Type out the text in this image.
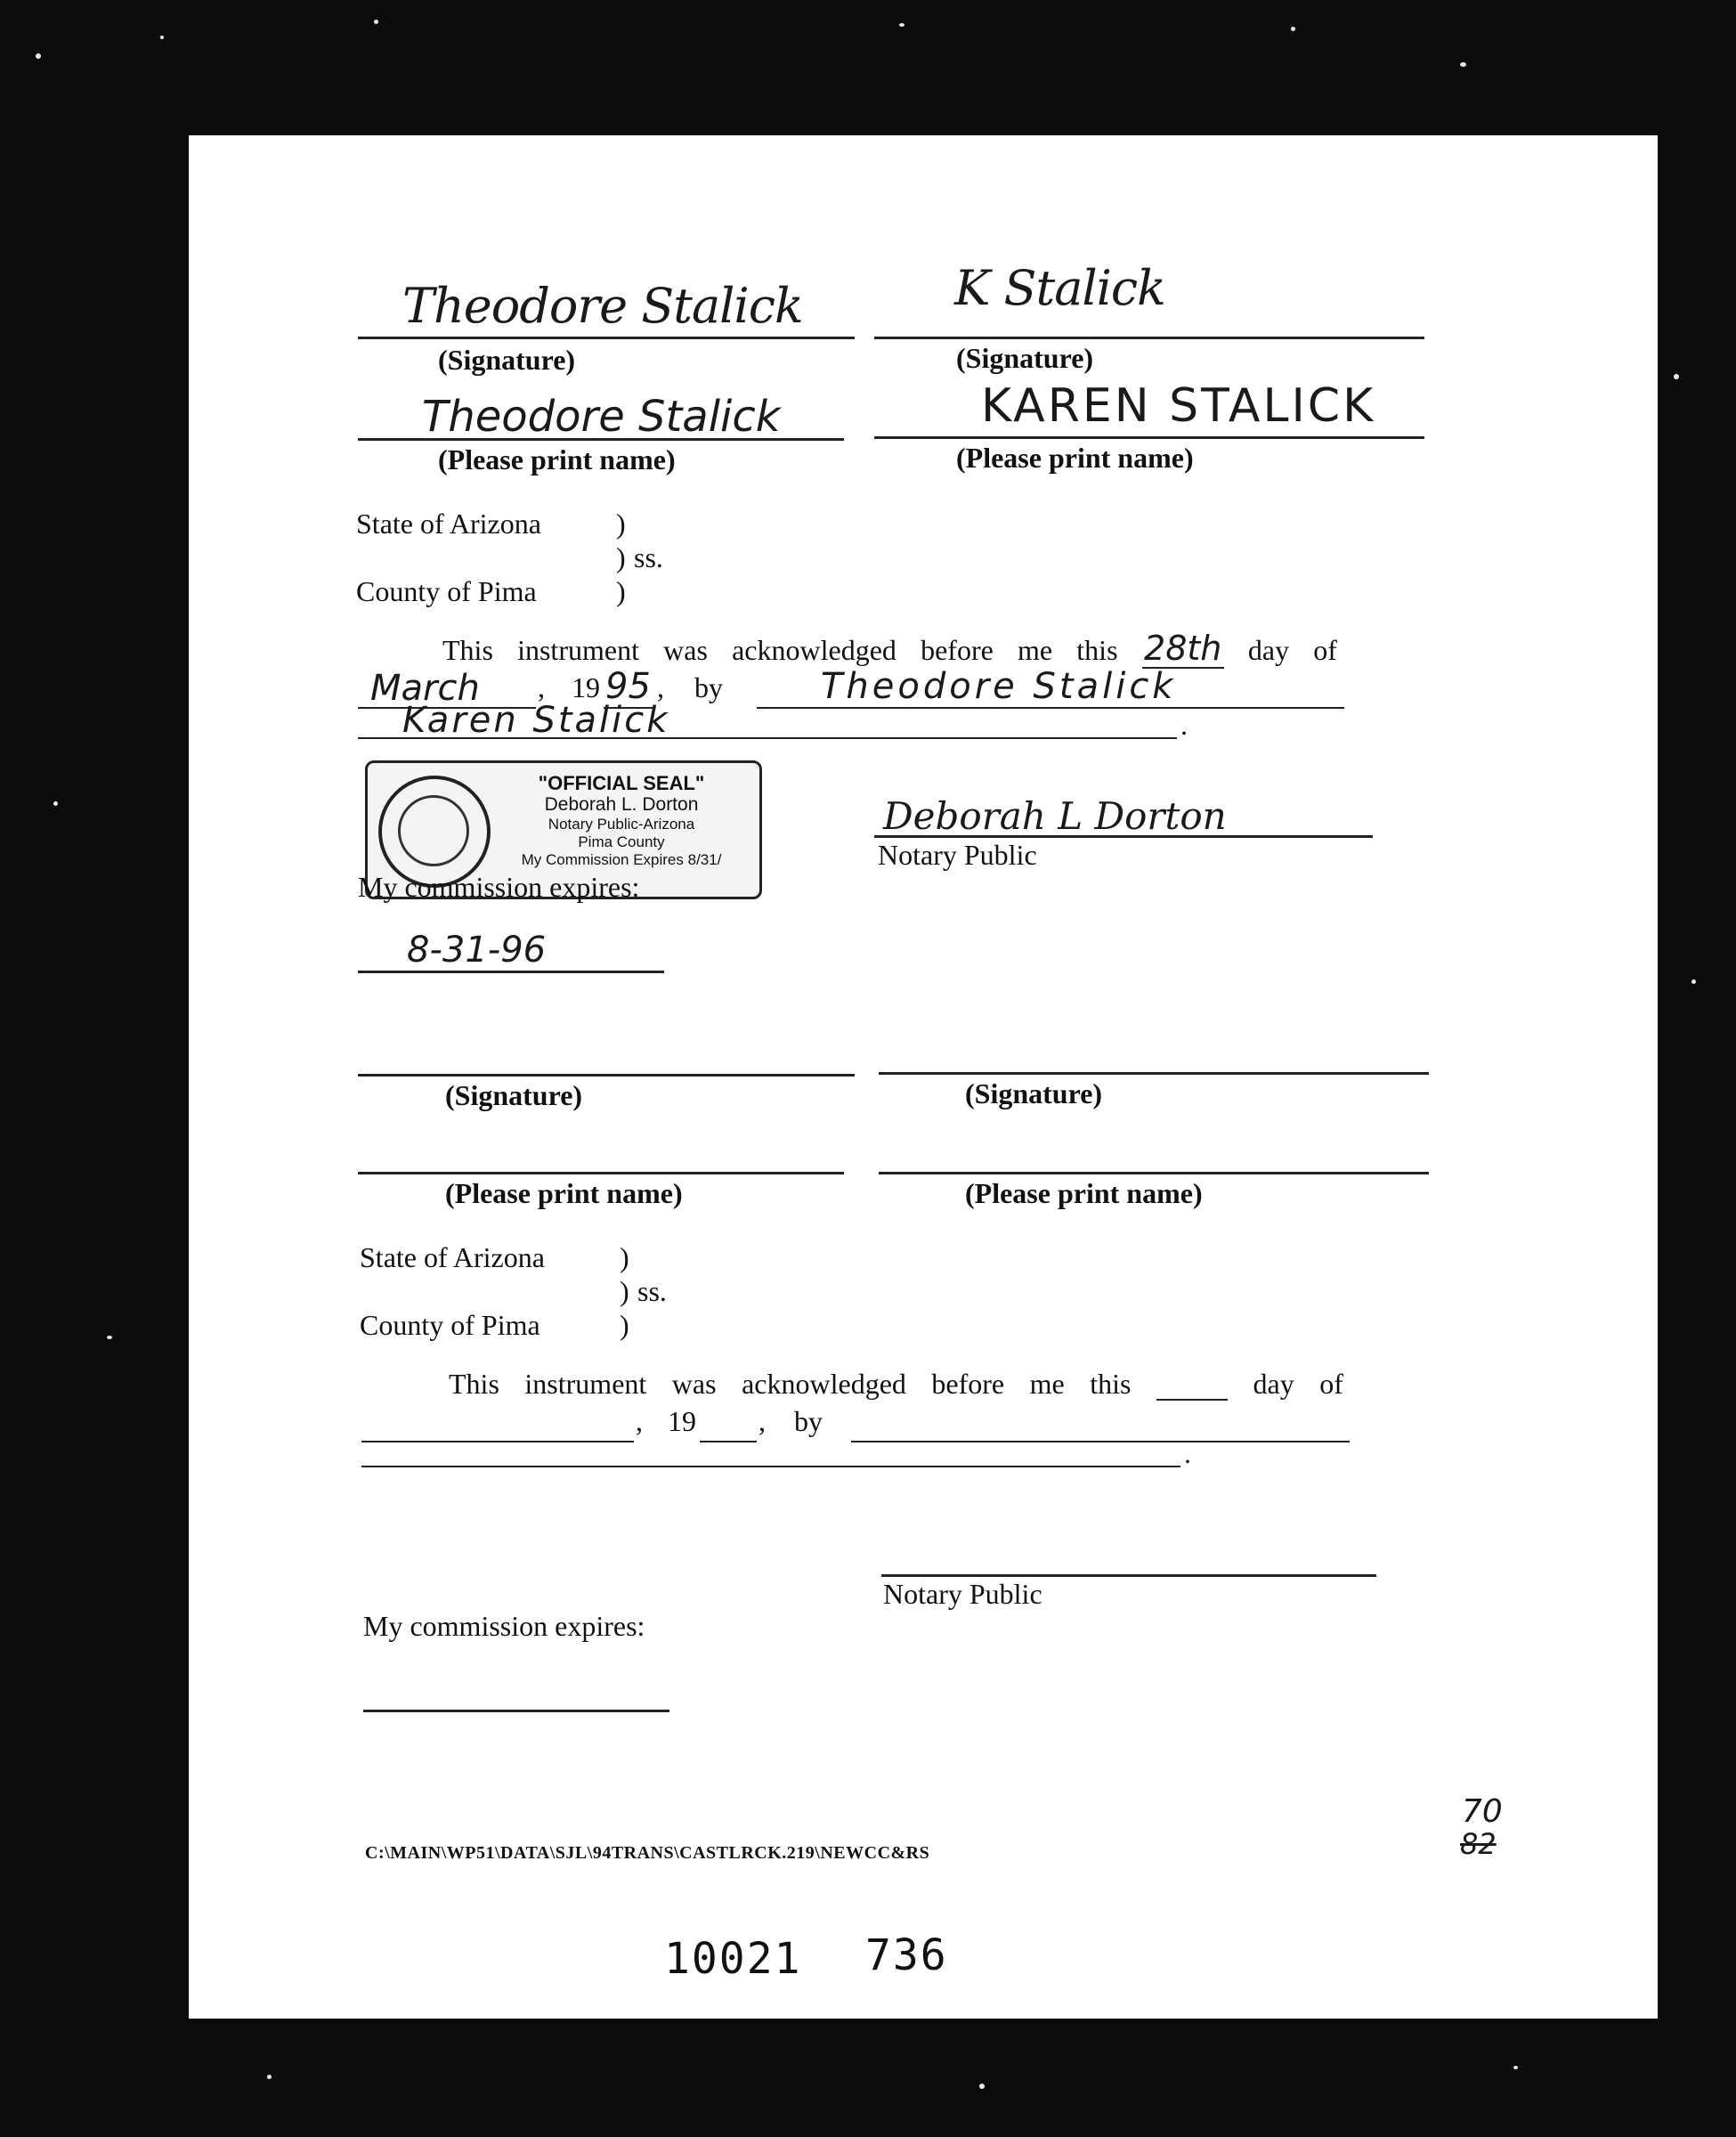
Theodore Stalick	K Stalick
(Signature)	(Signature)
Theodore Stalick	KAREN STALICK
(Please print name)	(Please print name)
State of Arizona	)
) ss.
County of Pima	)
This instrument was acknowledged before me this 28th day of
March , 19 95 , by	Theodore Stalick
Karen Stalick	.
"OFFICIAL SEAL"
Deborah L. Dorton
Notary Public-Arizona
Pima County
My Commission Expires 8/31/
Deborah L Dorton
Notary Public
My commission expires:
8-31-96
(Signature)	(Signature)
(Please print name)	(Please print name)
State of Arizona	)
) ss.
County of Pima	)
This instrument was acknowledged before me this	day of
, 19 , by
.
Notary Public
My commission expires:
C:\MAIN\WP51\DATA\SJL\94TRANS\CASTLRCK.219\NEWCC&RS
70
82
10021 736
